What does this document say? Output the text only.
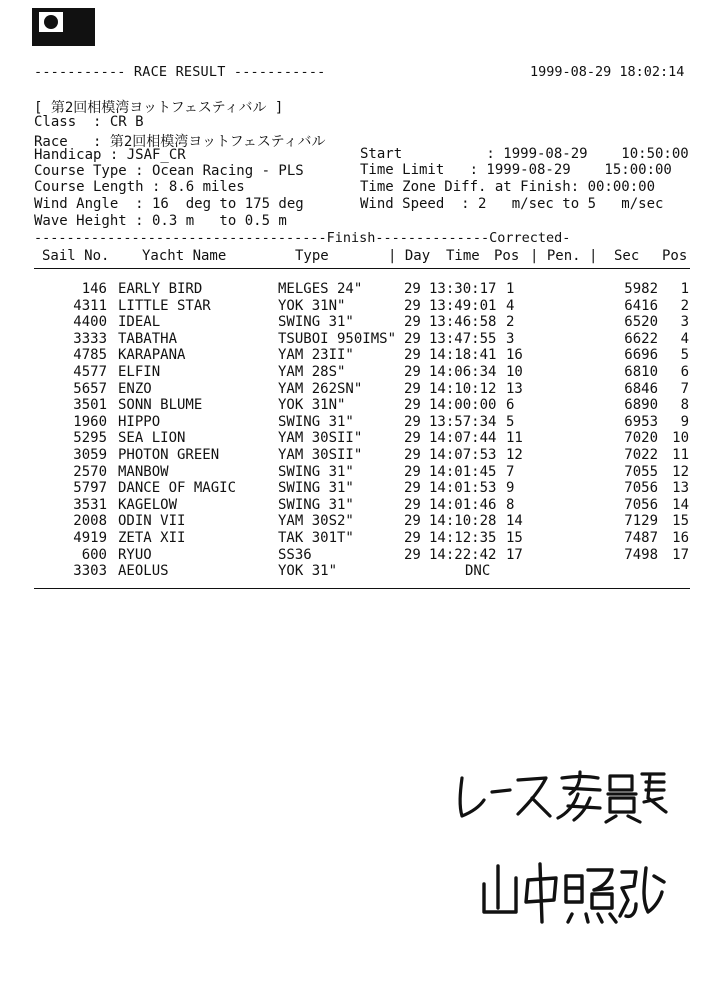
----------- RACE RESULT -----------	1999-08-29 18:02:14
[ 第2回相模湾ヨットフェスティバル ]
Class  : CR B
Race   : 第2回相模湾ヨットフェスティバル
Handicap : JSAF_CR
Course Type : Ocean Racing - PLS
Course Length : 8.6 miles
Wind Angle  : 16  deg to 175 deg
Wave Height : 0.3 m   to 0.5 m
Start          : 1999-08-29    10:50:00
Time Limit   : 1999-08-29    15:00:00
Time Zone Diff. at Finish: 00:00:00
Wind Speed  : 2   m/sec to 5   m/sec
------------------------------------Finish--------------Corrected-
Sail No. Yacht Name	Type	| Day Time Pos | Pen. | Sec Pos
146 EARLY BIRD	MELGES 24"	29 13:30:17 1	5982 1
4311 LITTLE STAR	YOK 31N"	29 13:49:01 4	6416 2
4400 IDEAL	SWING 31"	29 13:46:58 2	6520 3
3333 TABATHA	TSUBOI 950IMS" 29 13:47:55 3	6622 4
4785 KARAPANA	YAM 23II"	29 14:18:41 16	6696 5
4577 ELFIN	YAM 28S"	29 14:06:34 10	6810 6
5657 ENZO	YAM 262SN"	29 14:10:12 13	6846 7
3501 SONN BLUME	YOK 31N"	29 14:00:00 6	6890 8
1960 HIPPO	SWING 31"	29 13:57:34 5	6953 9
5295 SEA LION	YAM 30SII"	29 14:07:44 11	7020 10
3059 PHOTON GREEN	YAM 30SII"	29 14:07:53 12	7022 11
2570 MANBOW	SWING 31"	29 14:01:45 7	7055 12
5797 DANCE OF MAGIC	SWING 31"	29 14:01:53 9	7056 13
3531 KAGELOW	SWING 31"	29 14:01:46 8	7056 14
2008 ODIN VII	YAM 30S2"	29 14:10:28 14	7129 15
4919 ZETA XII	TAK 301T"	29 14:12:35 15	7487 16
600 RYUO	SS36	29 14:22:42 17	7498 17
3303 AEOLUS	YOK 31"	DNC
